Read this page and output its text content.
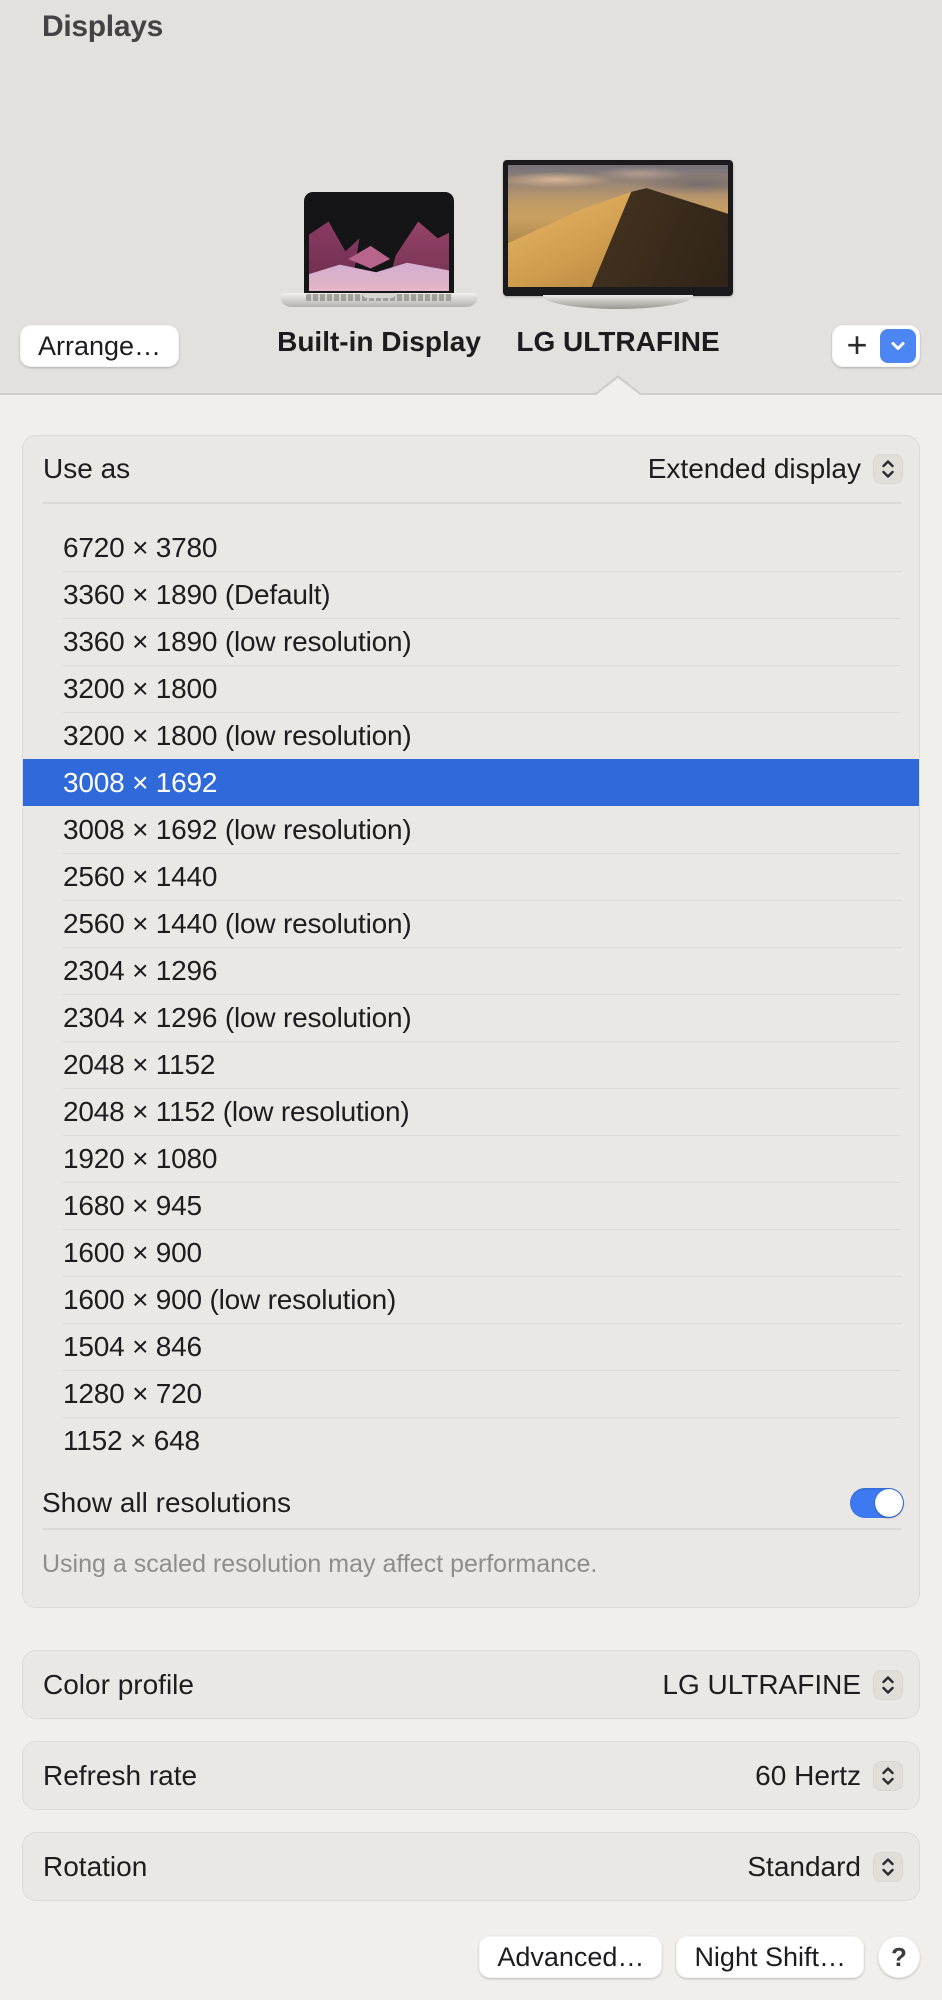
Displays
Built-in Display LG ULTRAFINE
Arrange…	+
Use as	Extended display
6720 × 3780
3360 × 1890 (Default)
3360 × 1890 (low resolution)
3200 × 1800
3200 × 1800 (low resolution)
3008 × 1692
3008 × 1692 (low resolution)
2560 × 1440
2560 × 1440 (low resolution)
2304 × 1296
2304 × 1296 (low resolution)
2048 × 1152
2048 × 1152 (low resolution)
1920 × 1080
1680 × 945
1600 × 900
1600 × 900 (low resolution)
1504 × 846
1280 × 720
1152 × 648
Show all resolutions

Using a scaled resolution may affect performance.

Color profile	LG ULTRAFINE
Refresh rate	60 Hertz
Rotation	Standard
Advanced…	Night Shift…	?
